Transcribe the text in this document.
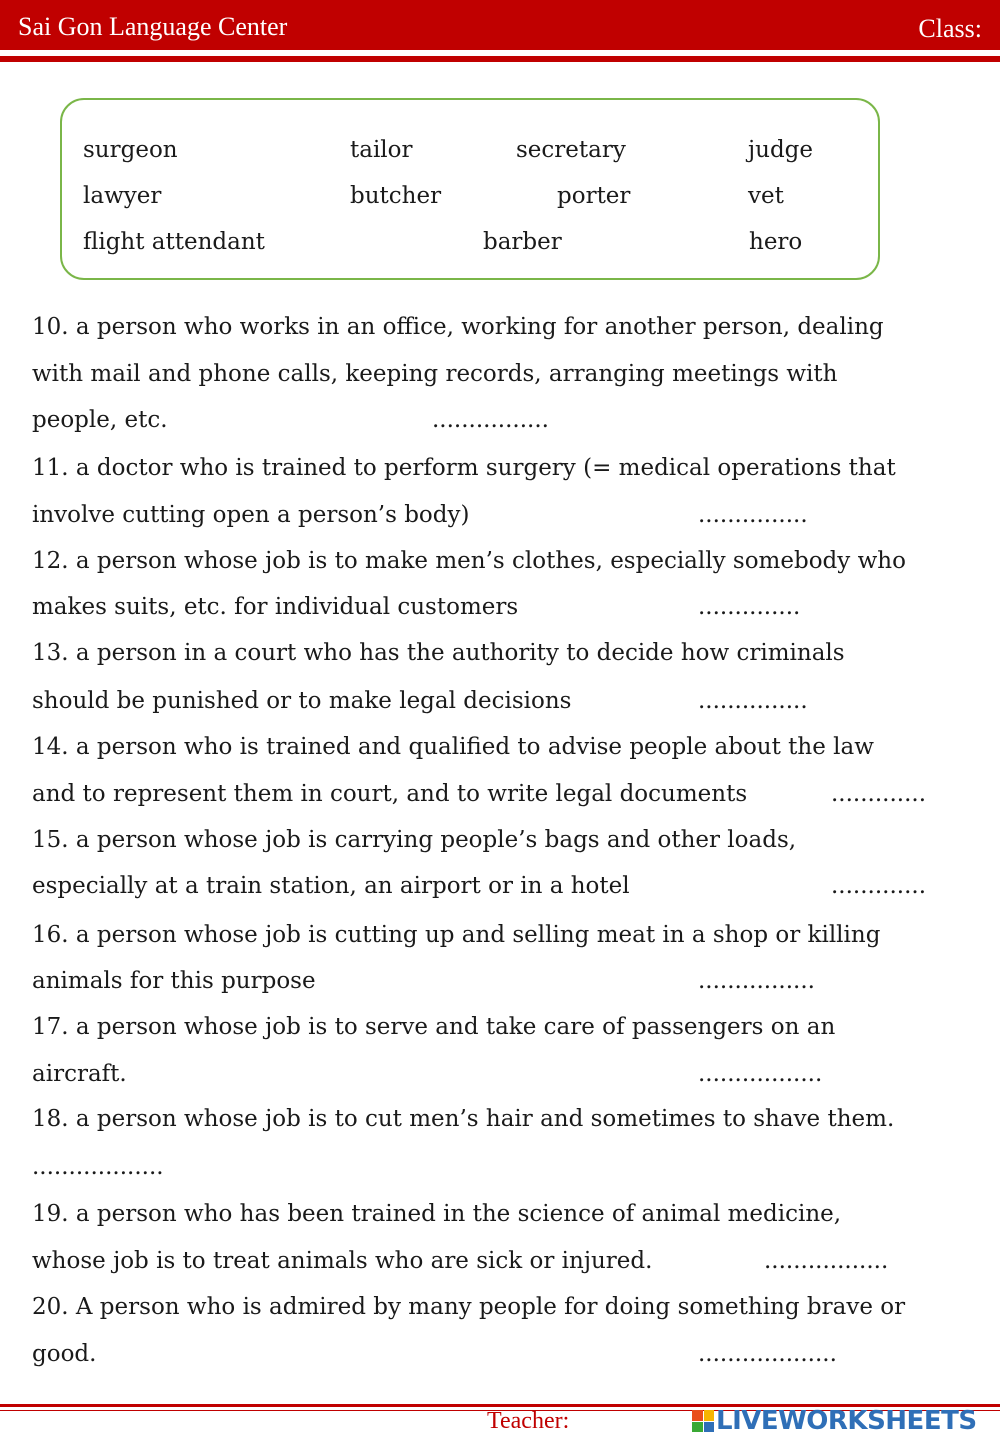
Sai Gon Language Center	Class:
surgeon	tailor	secretary	judge
lawyer	butcher	porter	vet
flight attendant	barber	hero
10. a person who works in an office, working for another person, dealing
with mail and phone calls, keeping records, arranging meetings with
people, etc.	................
11. a doctor who is trained to perform surgery (= medical operations that
involve cutting open a person’s body)	...............
12. a person whose job is to make men’s clothes, especially somebody who
makes suits, etc. for individual customers	..............
13. a person in a court who has the authority to decide how criminals
should be punished or to make legal decisions	...............
14. a person who is trained and qualified to advise people about the law
and to represent them in court, and to write legal documents	.............
15. a person whose job is carrying people’s bags and other loads,
especially at a train station, an airport or in a hotel	.............
16. a person whose job is cutting up and selling meat in a shop or killing
animals for this purpose	................
17. a person whose job is to serve and take care of passengers on an
aircraft.	.................
18. a person whose job is to cut men’s hair and sometimes to shave them.
..................
19. a person who has been trained in the science of animal medicine,
whose job is to treat animals who are sick or injured.	.................
20. A person who is admired by many people for doing something brave or
good.	...................
Teacher:	LIVEWORKSHEETS
